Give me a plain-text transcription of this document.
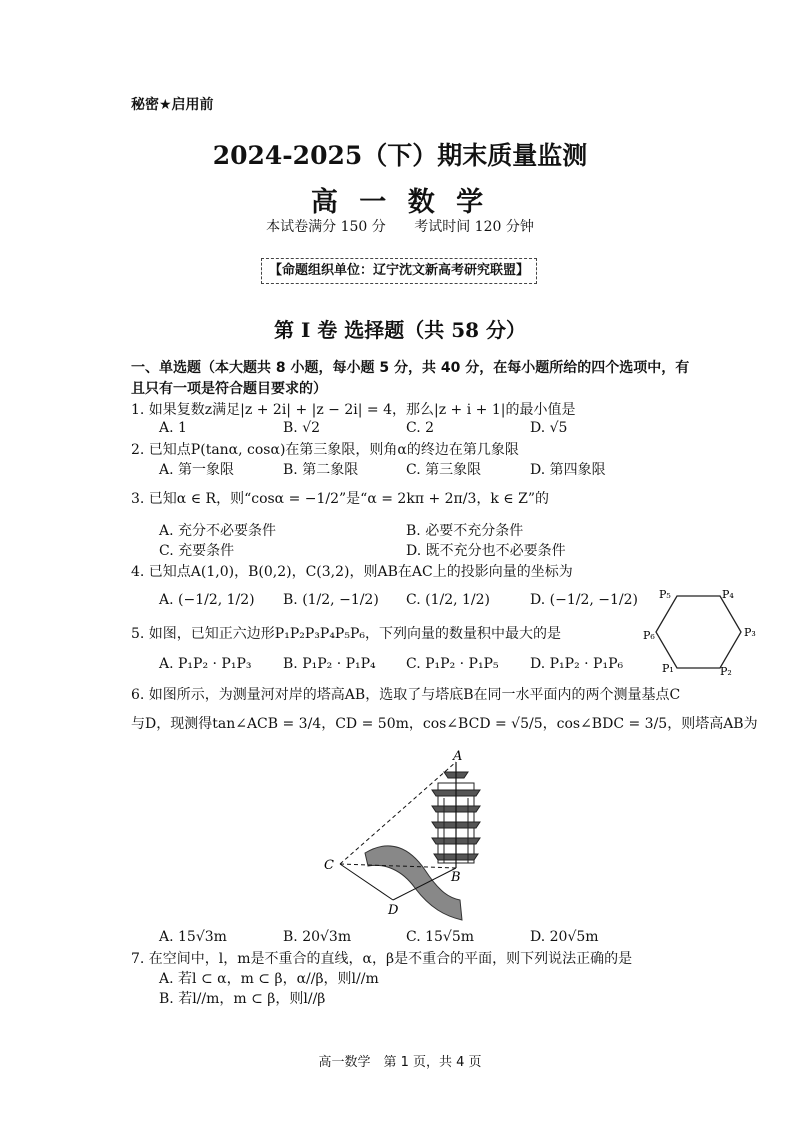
秘密★启用前
2024-2025（下）期末质量监测
高 一 数 学
本试卷满分 150 分 考试时间 120 分钟
【命题组织单位：辽宁沈文新高考研究联盟】
第 I 卷 选择题（共 58 分）
一、单选题（本大题共 8 小题，每小题 5 分，共 40 分，在每小题所给的四个选项中，有
且只有一项是符合题目要求的）
1. 如果复数z满足|z + 2i| + |z − 2i| = 4，那么|z + i + 1|的最小值是
A. 1	B. √2	C. 2	D. √5
2. 已知点P(tanα, cosα)在第三象限，则角α的终边在第几象限
A. 第一象限	B. 第二象限	C. 第三象限	D. 第四象限
3. 已知α ∈ R，则“cosα = −1/2”是“α = 2kπ + 2π/3，k ∈ Z”的
A. 充分不必要条件	B. 必要不充分条件
C. 充要条件	D. 既不充分也不必要条件
4. 已知点A(1,0)，B(0,2)，C(3,2)，则AB在AC上的投影向量的坐标为
A. (−1/2, 1/2) B. (1/2, −1/2) C. (1/2, 1/2)	D. (−1/2, −1/2)
5. 如图，已知正六边形P₁P₂P₃P₄P₅P₆，下列向量的数量积中最大的是
A. P₁P₂ · P₁P₃ B. P₁P₂ · P₁P₄ C. P₁P₂ · P₁P₅ D. P₁P₂ · P₁P₆
P₅	P₄
P₃
P₆
P₁	P₂
6. 如图所示，为测量河对岸的塔高AB，选取了与塔底B在同一水平面内的两个测量基点C
与D，现测得tan∠ACB = 3/4，CD = 50m，cos∠BCD = √5/5，cos∠BDC = 3/5，则塔高AB为
A
B
C
D
A. 15√3m	B. 20√3m	C. 15√5m	D. 20√5m
7. 在空间中，l，m是不重合的直线，α，β是不重合的平面，则下列说法正确的是
A. 若l ⊂ α，m ⊂ β，α//β，则l//m
B. 若l//m，m ⊂ β，则l//β
高一数学　第 1 页，共 4 页
